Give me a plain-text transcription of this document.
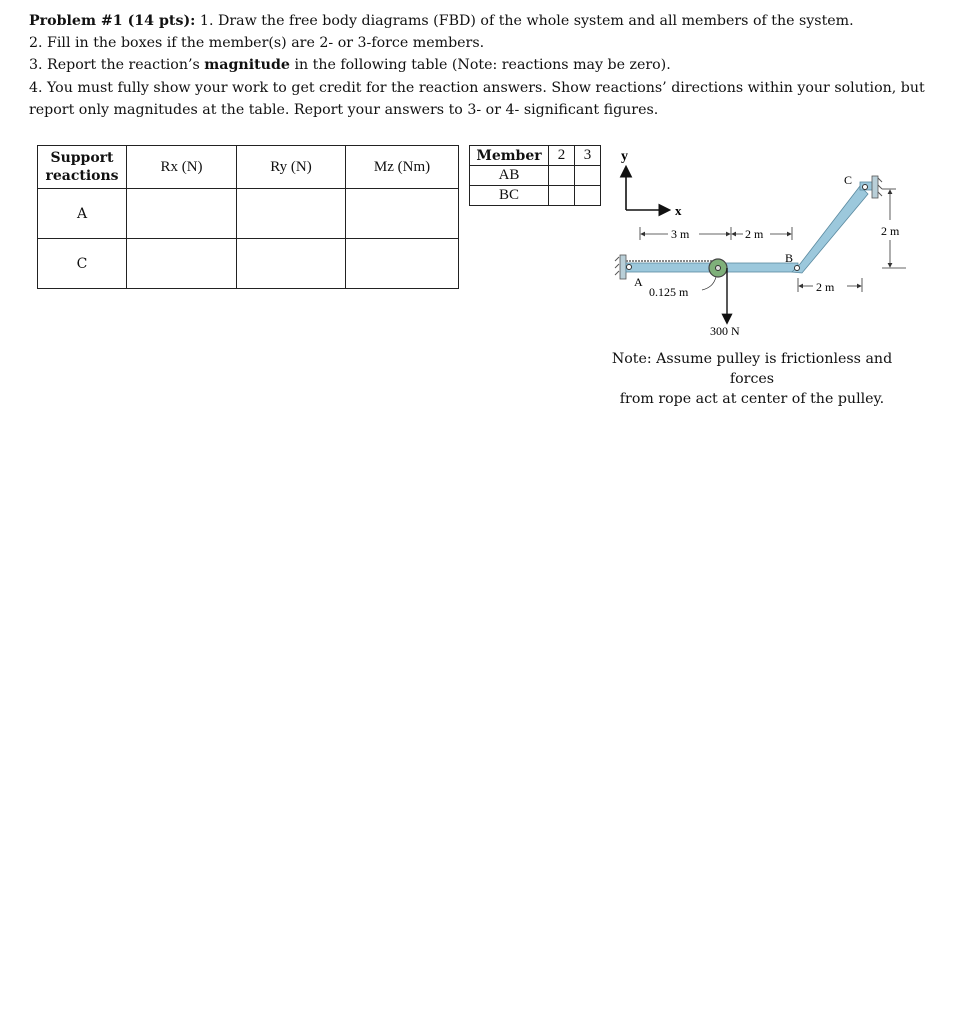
Problem #1 (14 pts): 1. Draw the free body diagrams (FBD) of the whole system and all members of the system.

2. Fill in the boxes if the member(s) are 2- or 3-force members.

3. Report the reaction’s magnitude in the following table (Note: reactions may be zero).

4. You must fully show your work to get credit for the reaction answers. Show reactions’ directions within your solution, but

report only magnitudes at the table. Report your answers to 3- or 4- significant figures.

Support
reactions	Rx (N)	Ry (N)	Mz (Nm)
A			
C			
Member	2	3
AB		
BC		
y
x
A
B
C
3 m	2 m	2 m
2 m
0.125 m
300 N
Note: Assume pulley is frictionless and forces
from rope act at center of the pulley.
